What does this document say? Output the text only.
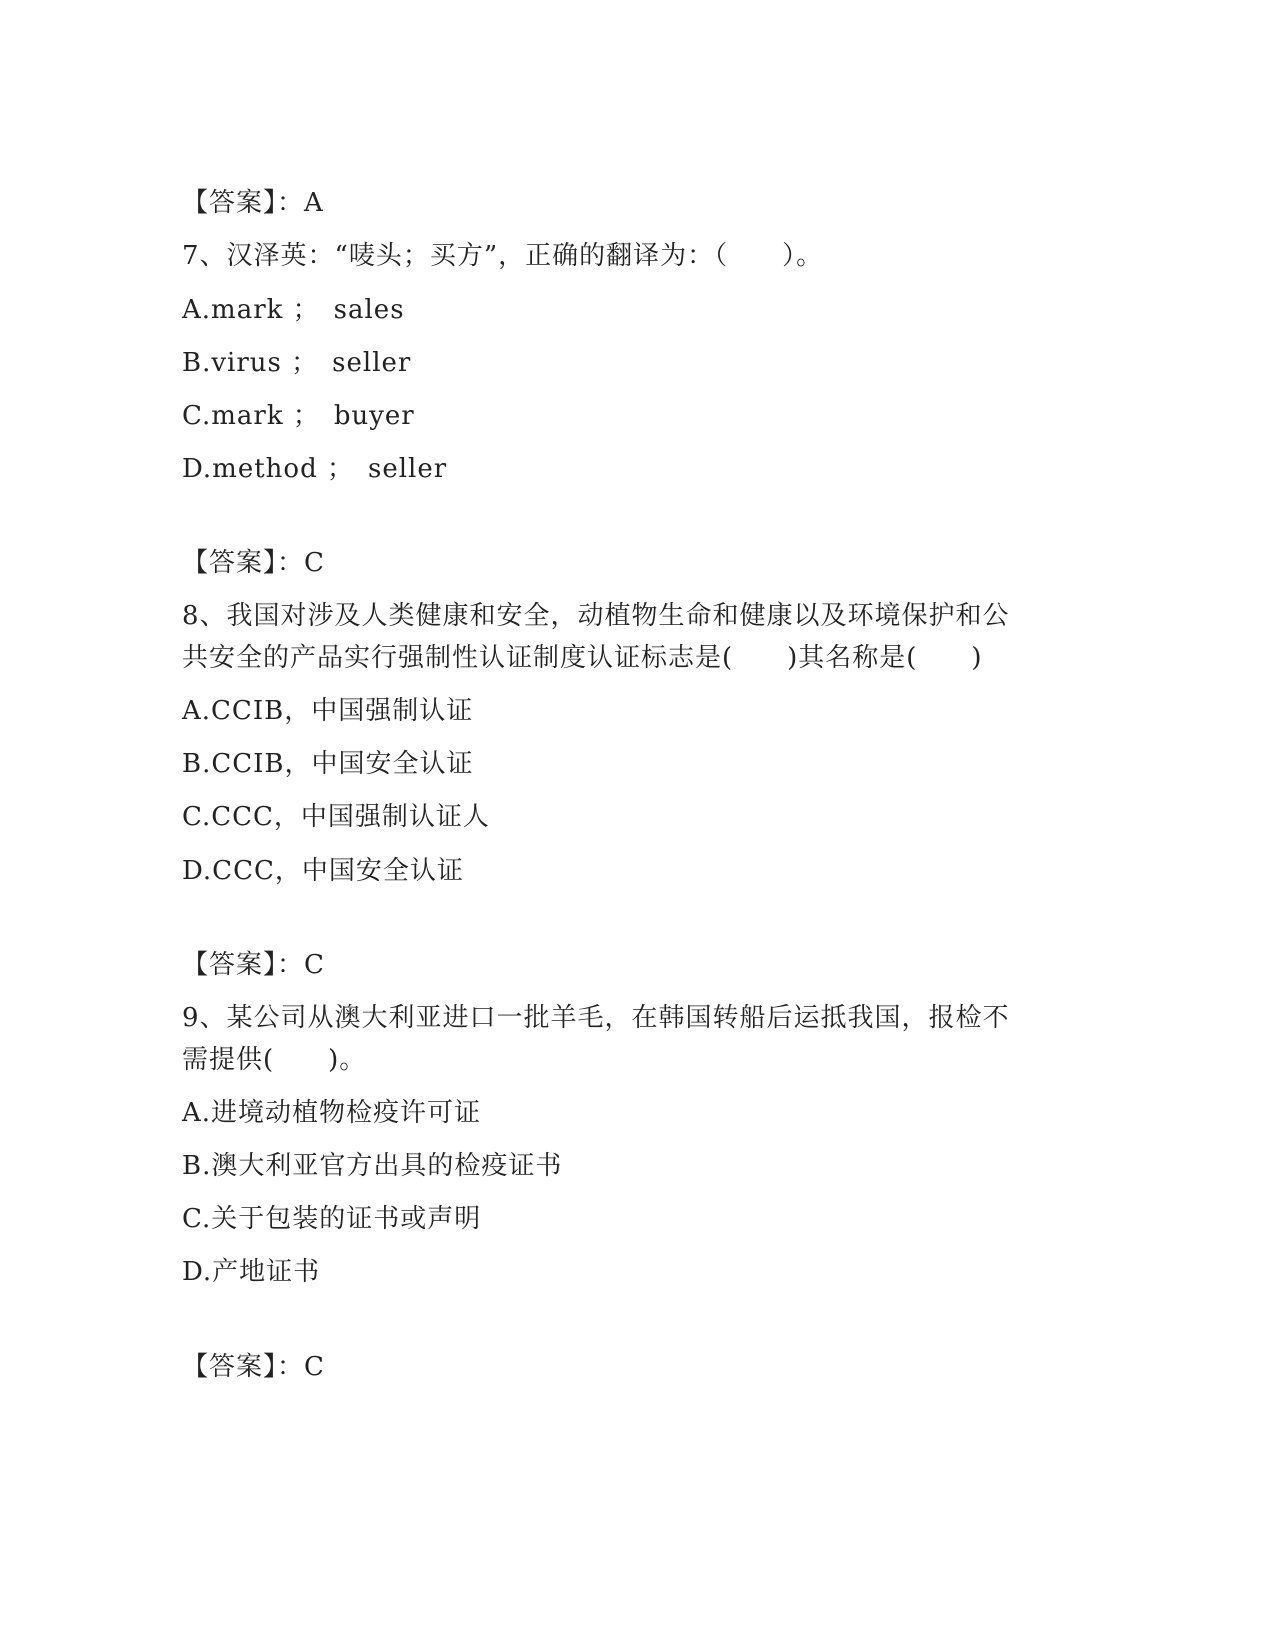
【答案】：A
7、汉泽英：“唛头；买方”，正确的翻译为：（　　）。
A.mark ；　sales
B.virus ；　seller
C.mark ；　buyer
D.method ；　seller
【答案】：C
8、我国对涉及人类健康和安全，动植物生命和健康以及环境保护和公
共安全的产品实行强制性认证制度认证标志是(　　)其名称是(　　)
A.CCIB，中国强制认证
B.CCIB，中国安全认证
C.CCC，中国强制认证人
D.CCC，中国安全认证
【答案】：C
9、某公司从澳大利亚进口一批羊毛，在韩国转船后运抵我国，报检不
需提供(　　)。
A.进境动植物检疫许可证
B.澳大利亚官方出具的检疫证书
C.关于包装的证书或声明
D.产地证书
【答案】：C
